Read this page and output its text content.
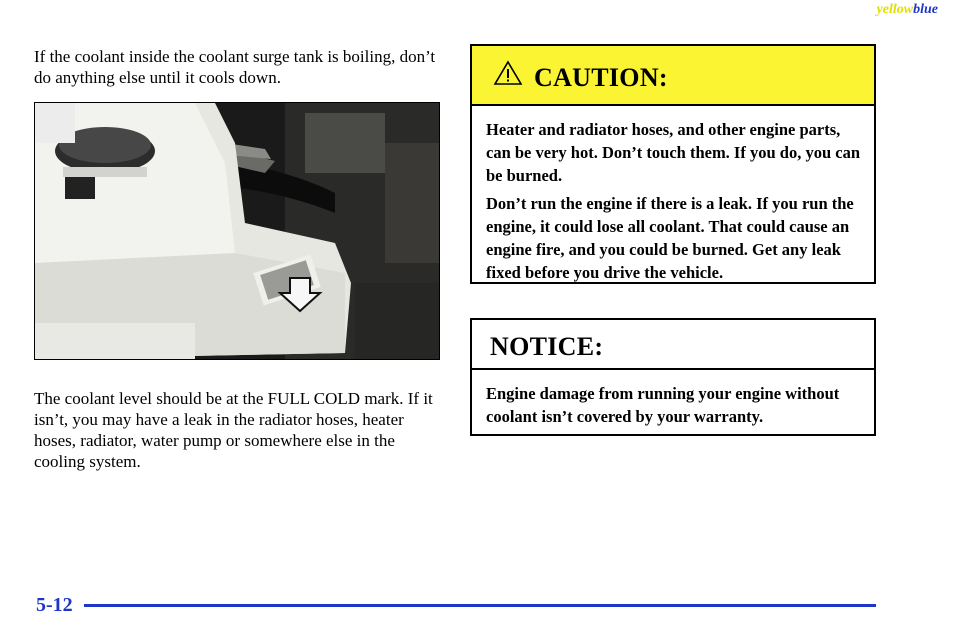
yellowblue

If the coolant inside the coolant surge tank is boiling, don’t do anything else until it cools down.

The coolant level should be at the FULL COLD mark. If it isn’t, you may have a leak in the radiator hoses, heater hoses, radiator, water pump or somewhere else in the cooling system.

CAUTION:

Heater and radiator hoses, and other engine parts, can be very hot. Don’t touch them. If you do, you can be burned.

Don’t run the engine if there is a leak. If you run the engine, it could lose all coolant. That could cause an engine fire, and you could be burned. Get any leak fixed before you drive the vehicle.

NOTICE:

Engine damage from running your engine without coolant isn’t covered by your warranty.

5-12
